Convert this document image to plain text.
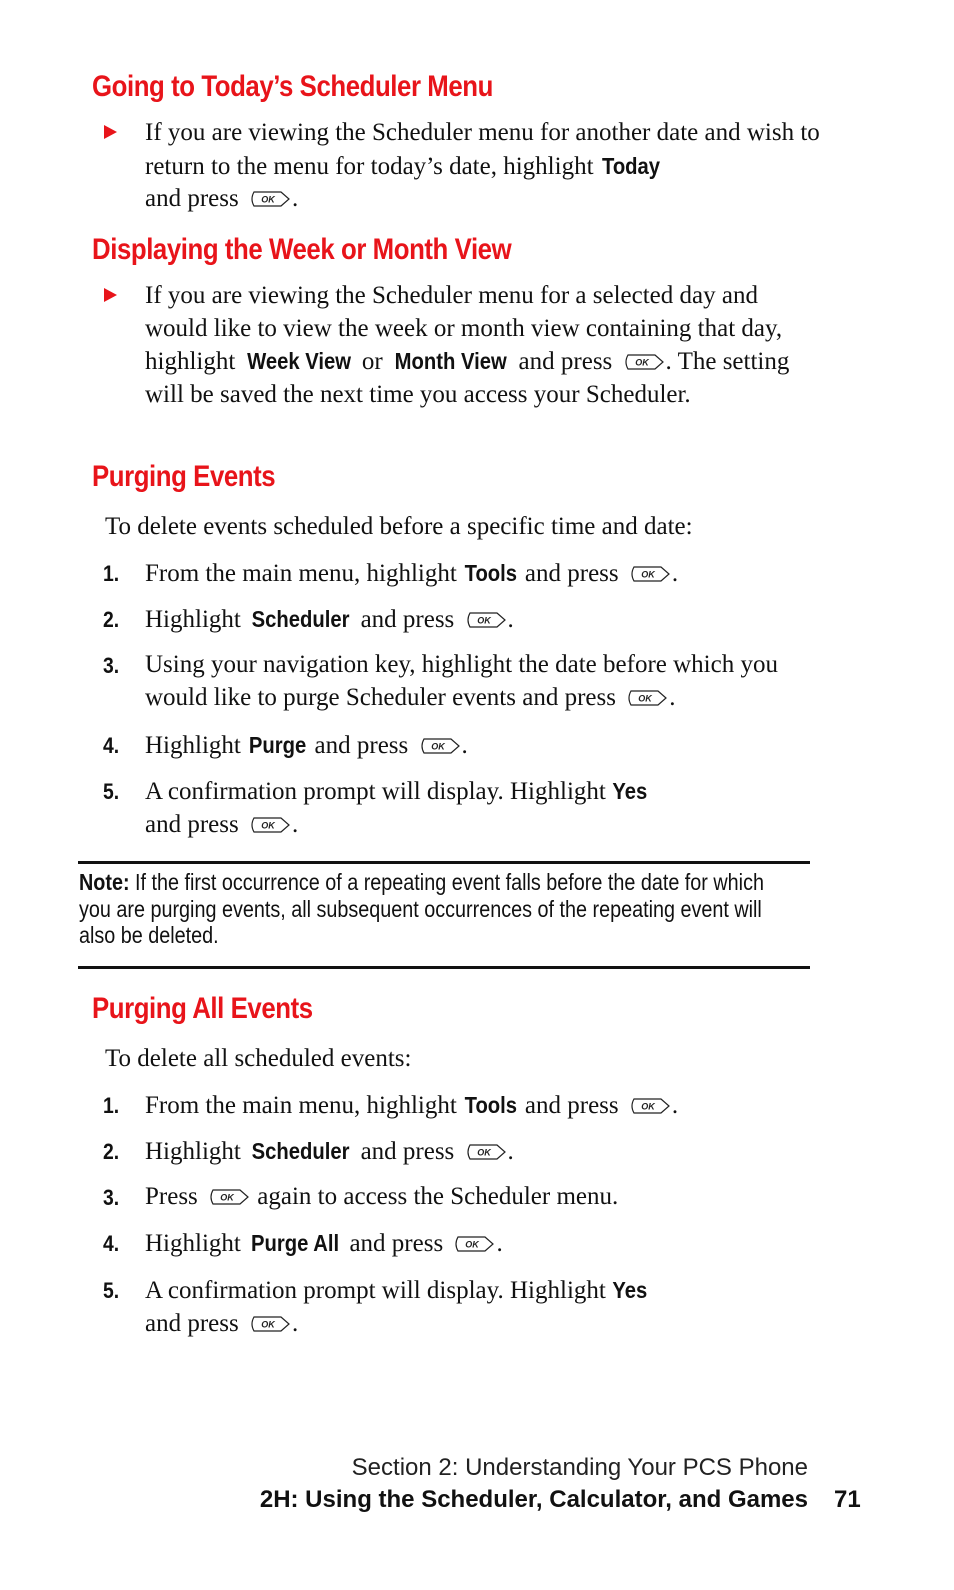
Going to Today’s Scheduler Menu
If you are viewing the Scheduler menu for another date and wish to return to the menu for today’s date, highlight Today
and press
.
Displaying the Week or Month View
If you are viewing the Scheduler menu for a selected day and would like to view the week or month view containing that day, highlight Week View or Month View and press
. The setting will be saved the next time you access your Scheduler.
Purging Events
To delete events scheduled before a specific time and date:
1. From the main menu, highlight Tools and press
.
2. Highlight Scheduler and press
.
3. Using your navigation key, highlight the date before which you would like to purge Scheduler events and press
.
4. Highlight Purge and press
.
5. A confirmation prompt will display. Highlight Yes
and press
.
Note: If the first occurrence of a repeating event falls before the date for which you are purging events, all subsequent occurrences of the repeating event will also be deleted.
Purging All Events
To delete all scheduled events:
1. From the main menu, highlight Tools and press
.
2. Highlight Scheduler and press
.
3. Press
again to access the Scheduler menu.
4. Highlight Purge All and press
.
5. A confirmation prompt will display. Highlight Yes
and press
.
Section 2: Understanding Your PCS Phone
2H: Using the Scheduler, Calculator, and Games 71
